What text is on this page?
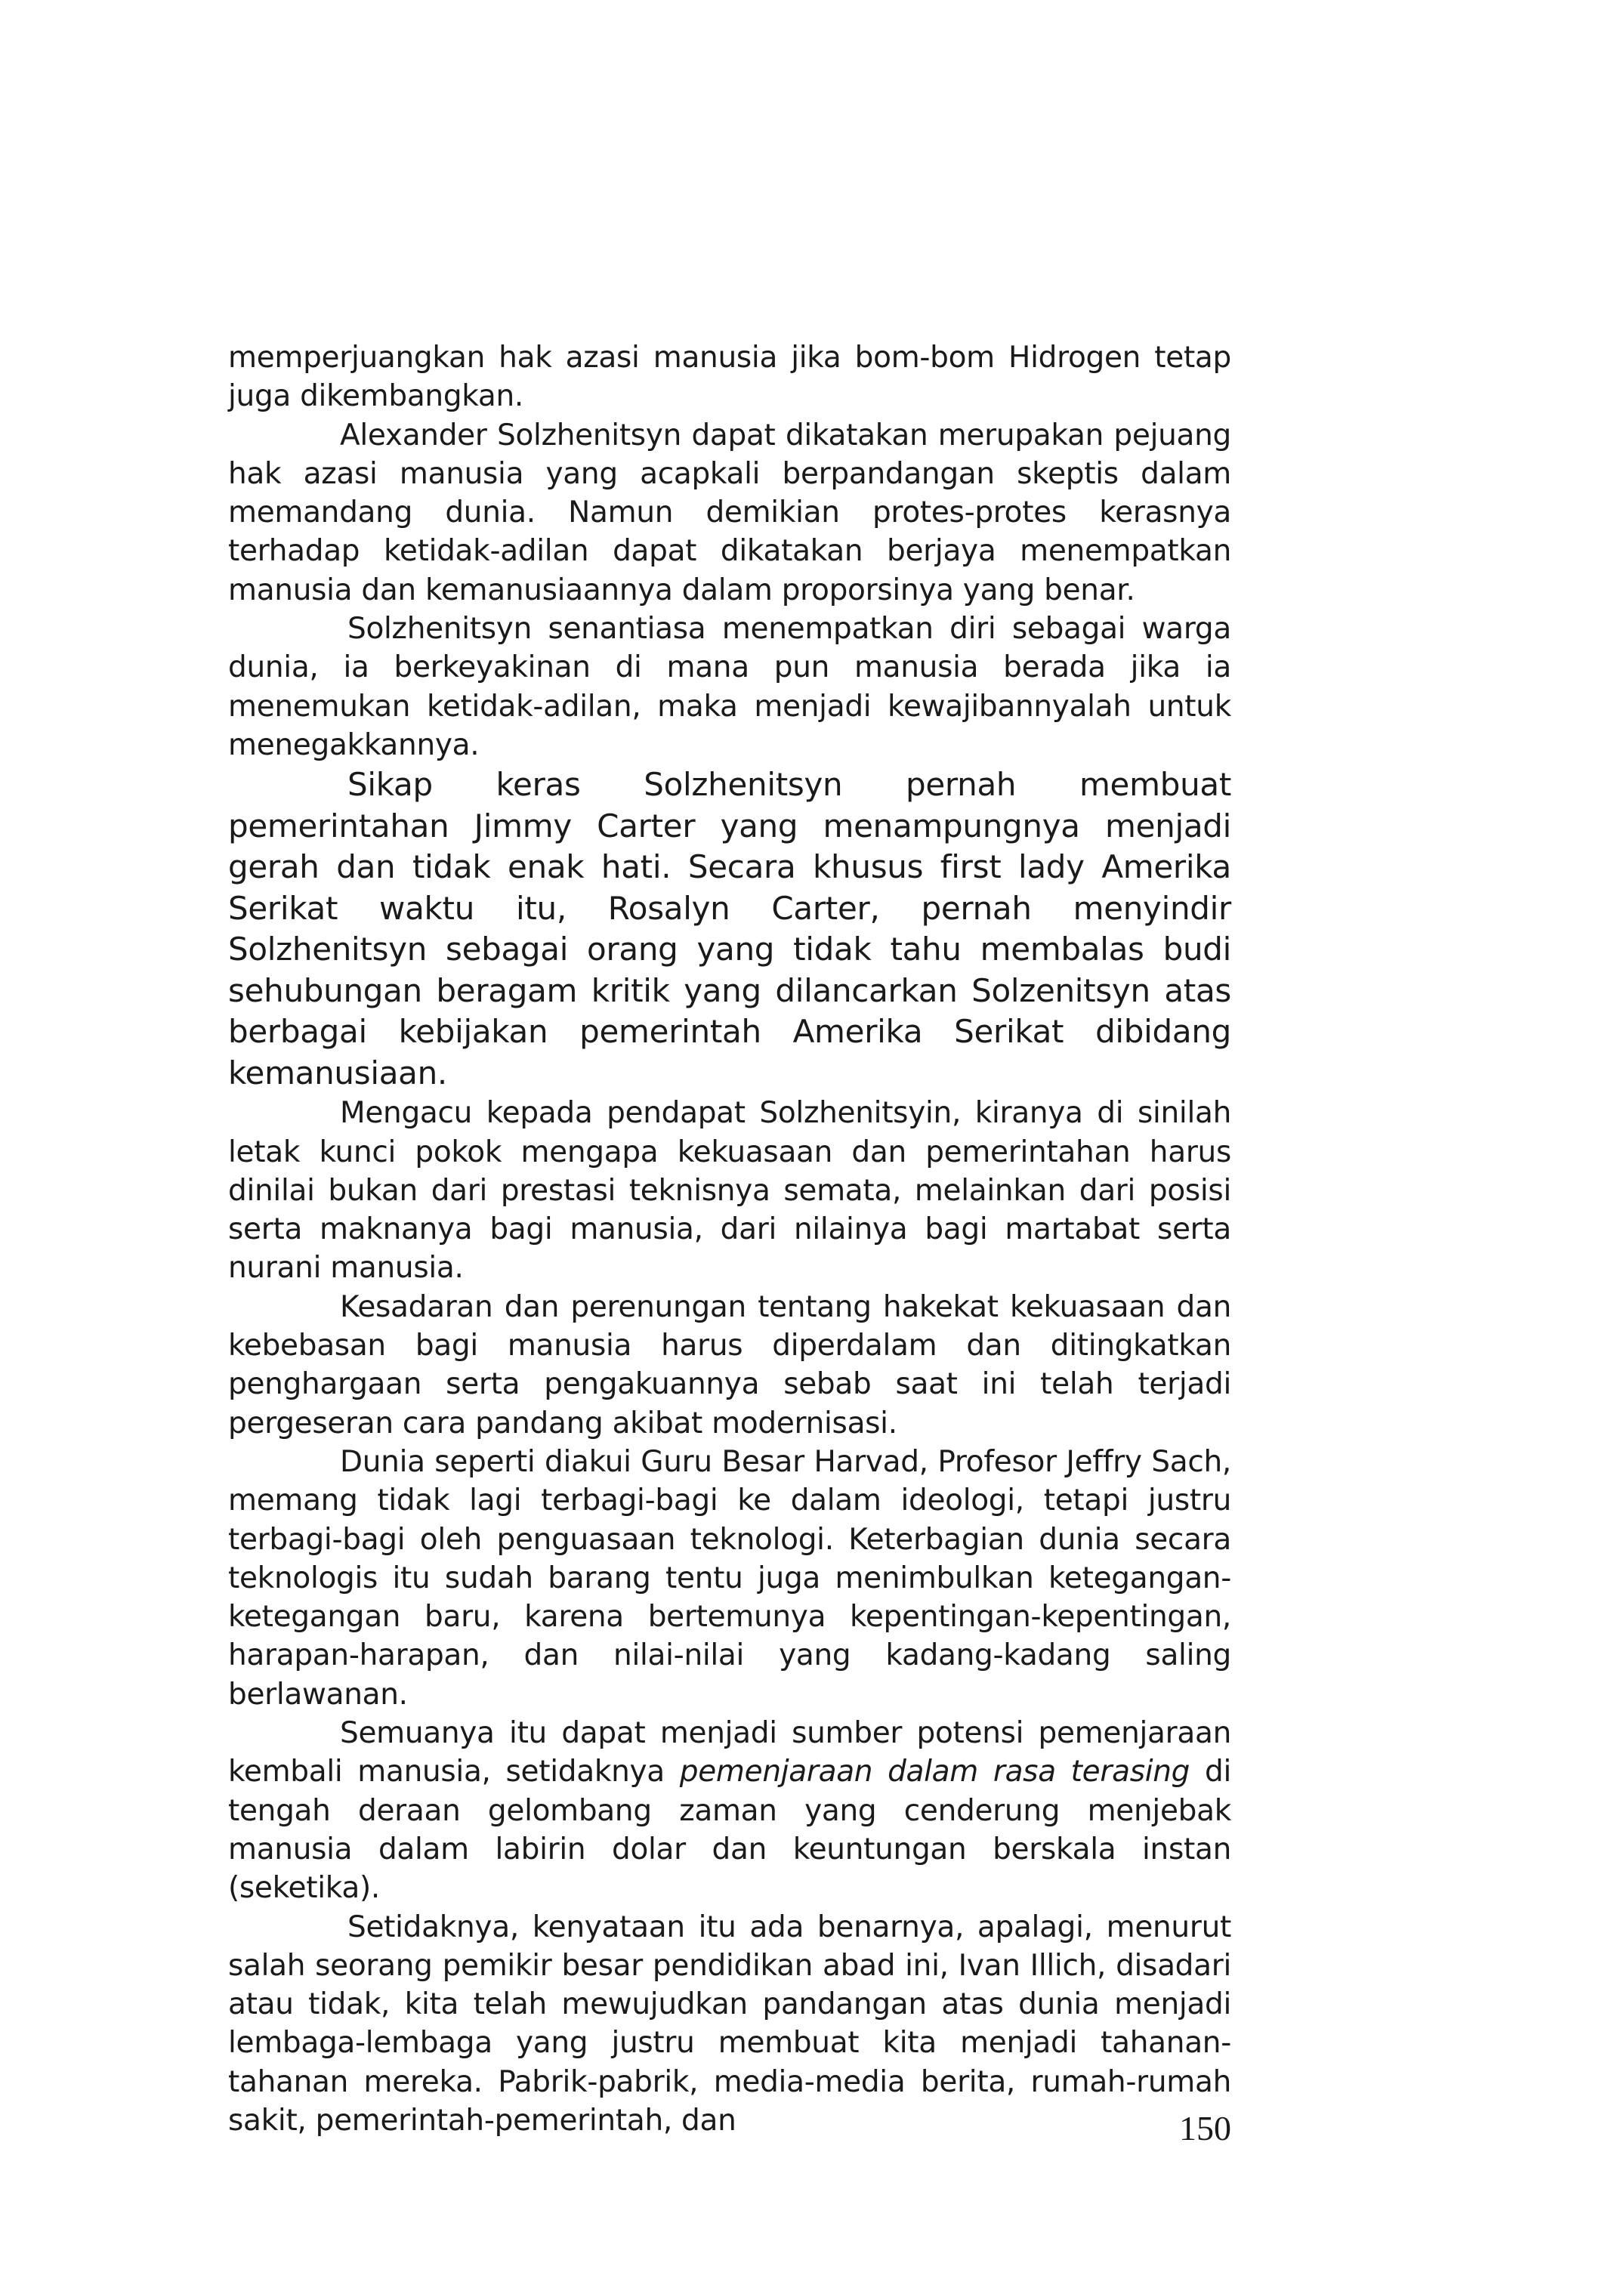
memperjuangkan hak azasi manusia jika bom-bom Hidrogen tetap juga dikembangkan.

Alexander Solzhenitsyn dapat dikatakan merupakan pejuang hak azasi manusia yang acapkali berpandangan skeptis dalam memandang dunia. Namun demikian protes-protes kerasnya terhadap ketidak-adilan dapat dikatakan berjaya menempatkan manusia dan kemanusiaannya dalam proporsinya yang benar.

Solzhenitsyn senantiasa menempatkan diri sebagai warga dunia, ia berkeyakinan di mana pun manusia berada jika ia menemukan ketidak-adilan, maka menjadi kewajibannyalah untuk menegakkannya.

Sikap keras Solzhenitsyn pernah membuat pemerintahan Jimmy Carter yang menampungnya menjadi gerah dan tidak enak hati. Secara khusus first lady Amerika Serikat waktu itu, Rosalyn Carter, pernah menyindir Solzhenitsyn sebagai orang yang tidak tahu membalas budi sehubungan beragam kritik yang dilancarkan Solzenitsyn atas berbagai kebijakan pemerintah Amerika Serikat dibidang kemanusiaan.

Mengacu kepada pendapat Solzhenitsyin, kiranya di sinilah letak kunci pokok mengapa kekuasaan dan pemerintahan harus dinilai bukan dari prestasi teknisnya semata, melainkan dari posisi serta maknanya bagi manusia, dari nilainya bagi martabat serta nurani manusia.

Kesadaran dan perenungan tentang hakekat kekuasaan dan kebebasan bagi manusia harus diperdalam dan ditingkatkan penghargaan serta pengakuannya sebab saat ini telah terjadi pergeseran cara pandang akibat modernisasi.

Dunia seperti diakui Guru Besar Harvad, Profesor Jeffry Sach, memang tidak lagi terbagi-bagi ke dalam ideologi, tetapi justru terbagi-bagi oleh penguasaan teknologi. Keterbagian dunia secara teknologis itu sudah barang tentu juga menimbulkan ketegangan-ketegangan baru, karena bertemunya kepentingan-kepentingan, harapan-harapan, dan nilai-nilai yang kadang-kadang saling berlawanan.

Semuanya itu dapat menjadi sumber potensi pemenjaraan kembali manusia, setidaknya pemenjaraan dalam rasa terasing di tengah deraan gelombang zaman yang cenderung menjebak manusia dalam labirin dolar dan keuntungan berskala instan (seketika).

Setidaknya, kenyataan itu ada benarnya, apalagi, menurut salah seorang pemikir besar pendidikan abad ini, Ivan Illich, disadari atau tidak, kita telah mewujudkan pandangan atas dunia menjadi lembaga-lembaga yang justru membuat kita menjadi tahanan-tahanan mereka. Pabrik-pabrik, media-media berita, rumah-rumah sakit, pemerintah-pemerintah, dan	150
